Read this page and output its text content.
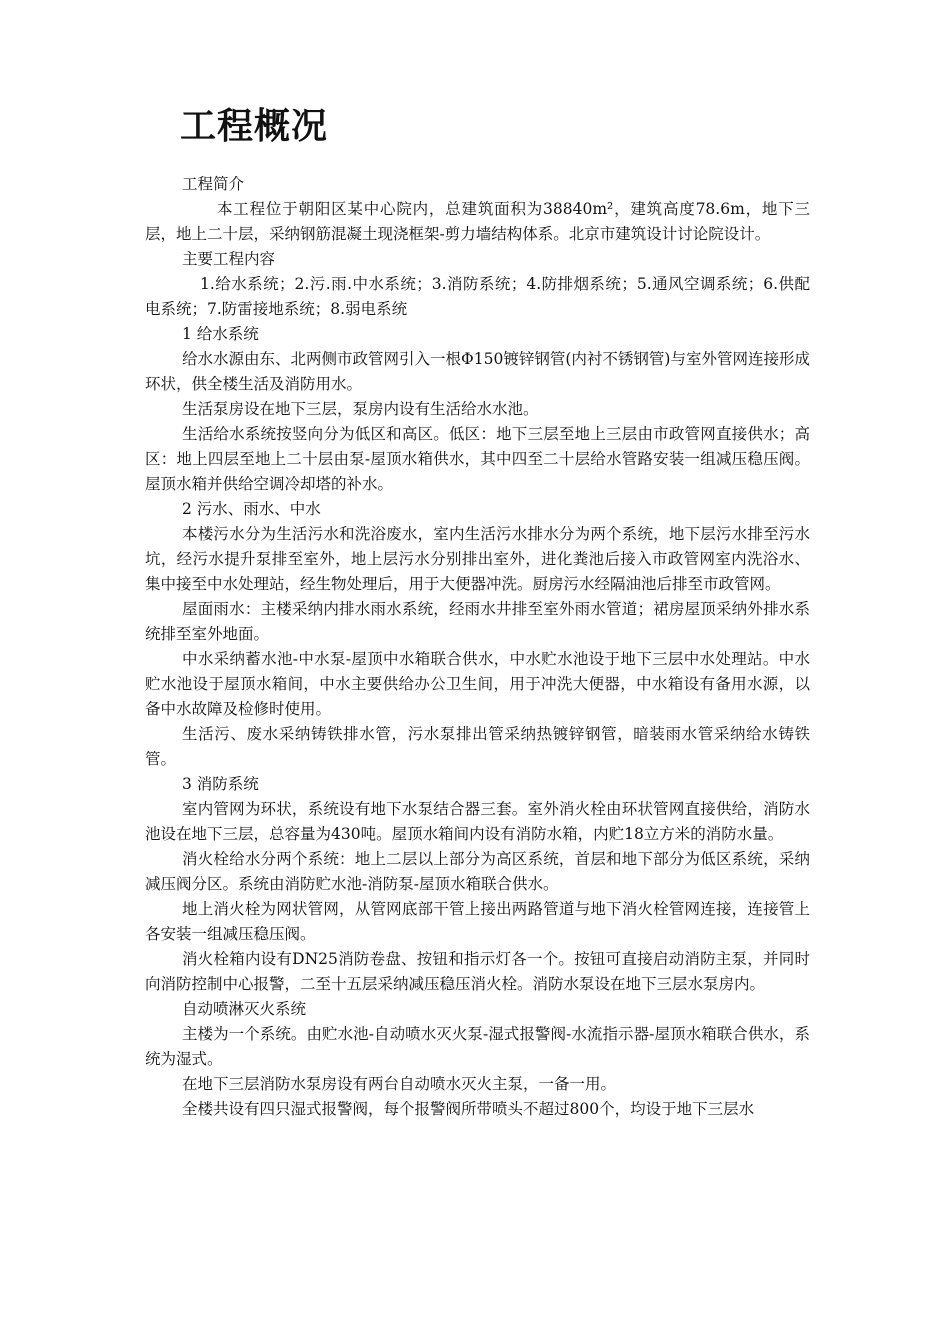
工程概况

工程简介

本工程位于朝阳区某中心院内，总建筑面积为38840m²，建筑高度78.6m，地下三层，地上二十层，采纳钢筋混凝土现浇框架-剪力墙结构体系。北京市建筑设计讨论院设计。

主要工程内容

1.给水系统；2.污.雨.中水系统；3.消防系统；4.防排烟系统；5.通风空调系统；6.供配电系统；7.防雷接地系统；8.弱电系统

1 给水系统

给水水源由东、北两侧市政管网引入一根Φ150镀锌钢管(内衬不锈钢管)与室外管网连接形成环状，供全楼生活及消防用水。

生活泵房设在地下三层，泵房内设有生活给水水池。

生活给水系统按竖向分为低区和高区。低区：地下三层至地上三层由市政管网直接供水；高区：地上四层至地上二十层由泵-屋顶水箱供水，其中四至二十层给水管路安装一组减压稳压阀。屋顶水箱并供给空调冷却塔的补水。

2 污水、雨水、中水

本楼污水分为生活污水和洗浴废水，室内生活污水排水分为两个系统，地下层污水排至污水坑，经污水提升泵排至室外，地上层污水分别排出室外，进化粪池后接入市政管网室内洗浴水、集中接至中水处理站，经生物处理后，用于大便器冲洗。厨房污水经隔油池后排至市政管网。

屋面雨水：主楼采纳内排水雨水系统，经雨水井排至室外雨水管道；裙房屋顶采纳外排水系统排至室外地面。

中水采纳蓄水池-中水泵-屋顶中水箱联合供水，中水贮水池设于地下三层中水处理站。中水贮水池设于屋顶水箱间，中水主要供给办公卫生间，用于冲洗大便器，中水箱设有备用水源，以备中水故障及检修时使用。

生活污、废水采纳铸铁排水管，污水泵排出管采纳热镀锌钢管，暗装雨水管采纳给水铸铁管。

3 消防系统

室内管网为环状，系统设有地下水泵结合器三套。室外消火栓由环状管网直接供给，消防水池设在地下三层，总容量为430吨。屋顶水箱间内设有消防水箱，内贮18立方米的消防水量。

消火栓给水分两个系统：地上二层以上部分为高区系统，首层和地下部分为低区系统，采纳减压阀分区。系统由消防贮水池-消防泵-屋顶水箱联合供水。

地上消火栓为网状管网，从管网底部干管上接出两路管道与地下消火栓管网连接，连接管上各安装一组减压稳压阀。

消火栓箱内设有DN25消防卷盘、按钮和指示灯各一个。按钮可直接启动消防主泵，并同时向消防控制中心报警，二至十五层采纳减压稳压消火栓。消防水泵设在地下三层水泵房内。

自动喷淋灭火系统

主楼为一个系统。由贮水池-自动喷水灭火泵-湿式报警阀-水流指示器-屋顶水箱联合供水，系统为湿式。

在地下三层消防水泵房设有两台自动喷水灭火主泵，一备一用。

全楼共设有四只湿式报警阀，每个报警阀所带喷头不超过800个，均设于地下三层水
